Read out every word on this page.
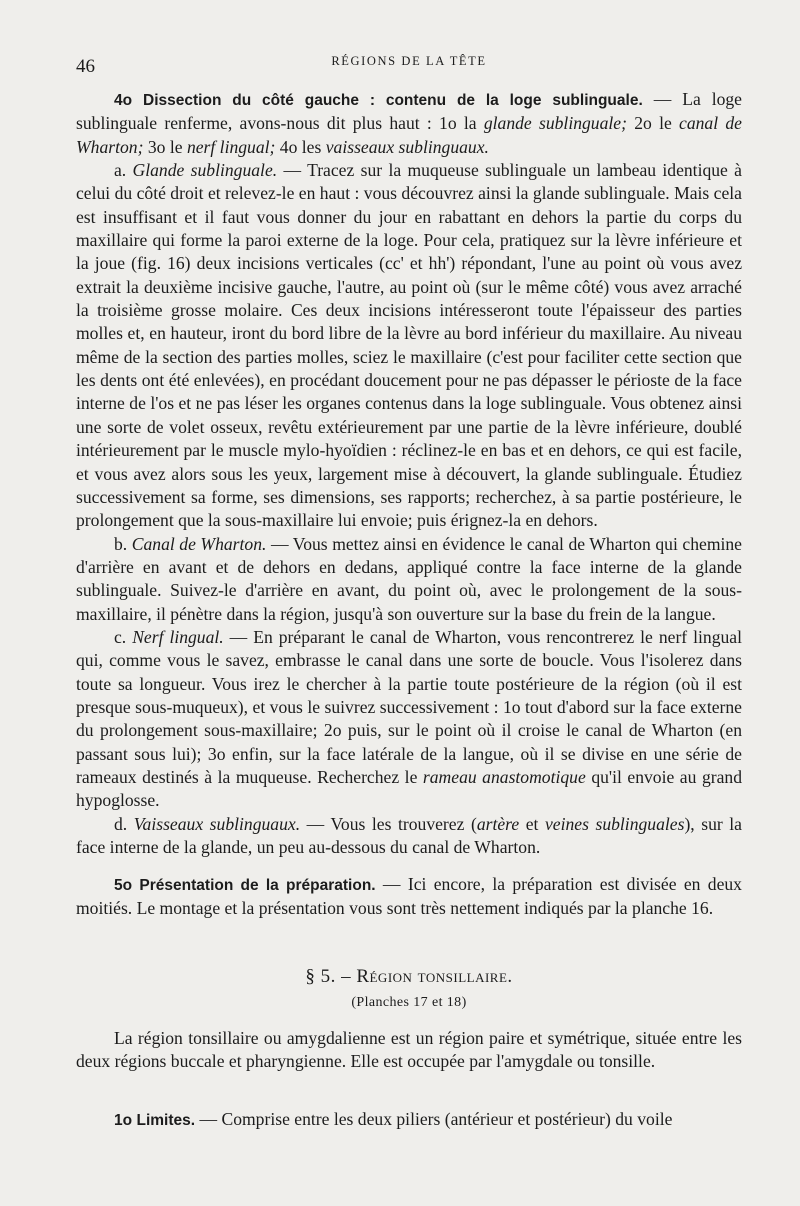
46	RÉGIONS DE LA TÊTE

4o Dissection du côté gauche : contenu de la loge sublinguale. — La loge sublinguale renferme, avons-nous dit plus haut : 1o la glande sublinguale; 2o le canal de Wharton; 3o le nerf lingual; 4o les vaisseaux sublinguaux.

a. Glande sublinguale. — Tracez sur la muqueuse sublinguale un lambeau identique à celui du côté droit et relevez-le en haut : vous découvrez ainsi la glande sublinguale. Mais cela est insuffisant et il faut vous donner du jour en rabattant en dehors la partie du corps du maxillaire qui forme la paroi externe de la loge. Pour cela, pratiquez sur la lèvre inférieure et la joue (fig. 16) deux incisions verticales (cc' et hh') répondant, l'une au point où vous avez extrait la deuxième incisive gauche, l'autre, au point où (sur le même côté) vous avez arraché la troisième grosse molaire. Ces deux incisions intéresseront toute l'épaisseur des parties molles et, en hauteur, iront du bord libre de la lèvre au bord inférieur du maxillaire. Au niveau même de la section des parties molles, sciez le maxillaire (c'est pour faciliter cette section que les dents ont été enlevées), en procédant doucement pour ne pas dépasser le périoste de la face interne de l'os et ne pas léser les organes contenus dans la loge sublinguale. Vous obtenez ainsi une sorte de volet osseux, revêtu extérieurement par une partie de la lèvre inférieure, doublé intérieurement par le muscle mylo-hyoïdien : réclinez-le en bas et en dehors, ce qui est facile, et vous avez alors sous les yeux, largement mise à découvert, la glande sublinguale. Étudiez successivement sa forme, ses dimensions, ses rapports; recherchez, à sa partie postérieure, le prolongement que la sous-maxillaire lui envoie; puis érignez-la en dehors.

b. Canal de Wharton. — Vous mettez ainsi en évidence le canal de Wharton qui chemine d'arrière en avant et de dehors en dedans, appliqué contre la face interne de la glande sublinguale. Suivez-le d'arrière en avant, du point où, avec le prolongement de la sous-maxillaire, il pénètre dans la région, jusqu'à son ouverture sur la base du frein de la langue.

c. Nerf lingual. — En préparant le canal de Wharton, vous rencontrerez le nerf lingual qui, comme vous le savez, embrasse le canal dans une sorte de boucle. Vous l'isolerez dans toute sa longueur. Vous irez le chercher à la partie toute postérieure de la région (où il est presque sous-muqueux), et vous le suivrez successivement : 1o tout d'abord sur la face externe du prolongement sous-maxillaire; 2o puis, sur le point où il croise le canal de Wharton (en passant sous lui); 3o enfin, sur la face latérale de la langue, où il se divise en une série de rameaux destinés à la muqueuse. Recherchez le rameau anastomotique qu'il envoie au grand hypoglosse.

d. Vaisseaux sublinguaux. — Vous les trouverez (artère et veines sublinguales), sur la face interne de la glande, un peu au-dessous du canal de Wharton.

5o Présentation de la préparation. — Ici encore, la préparation est divisée en deux moitiés. Le montage et la présentation vous sont très nettement indiqués par la planche 16.

§ 5. – Région tonsillaire.
(Planches 17 et 18)

La région tonsillaire ou amygdalienne est un région paire et symétrique, située entre les deux régions buccale et pharyngienne. Elle est occupée par l'amygdale ou tonsille.

1o Limites. — Comprise entre les deux piliers (antérieur et postérieur) du voile
